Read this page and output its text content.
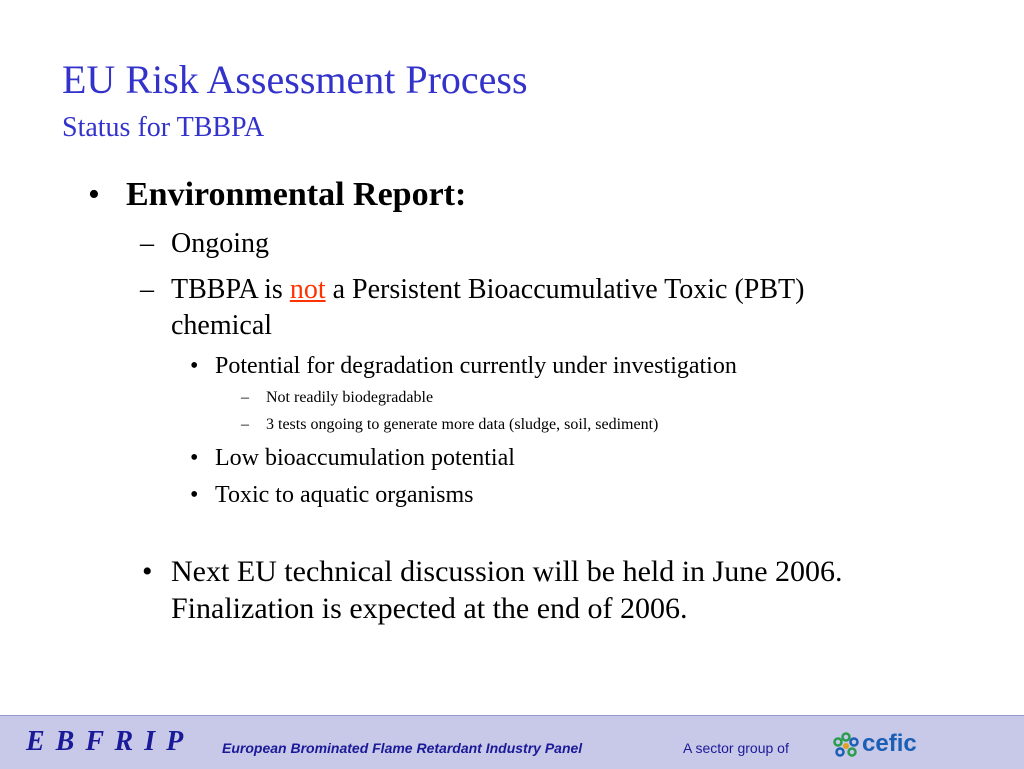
EU Risk Assessment Process
Status for TBBPA
• Environmental Report:
– Ongoing
– TBBPA is not a Persistent Bioaccumulative Toxic (PBT)
chemical
• Potential for degradation currently under investigation
– Not readily biodegradable
– 3 tests ongoing to generate more data (sludge, soil, sediment)
• Low bioaccumulation potential
• Toxic to aquatic organisms
• Next EU technical discussion will be held in June 2006.
Finalization is expected at the end of 2006.
E B F R I P	European Brominated Flame Retardant Industry Panel	A sector group of	cefic
